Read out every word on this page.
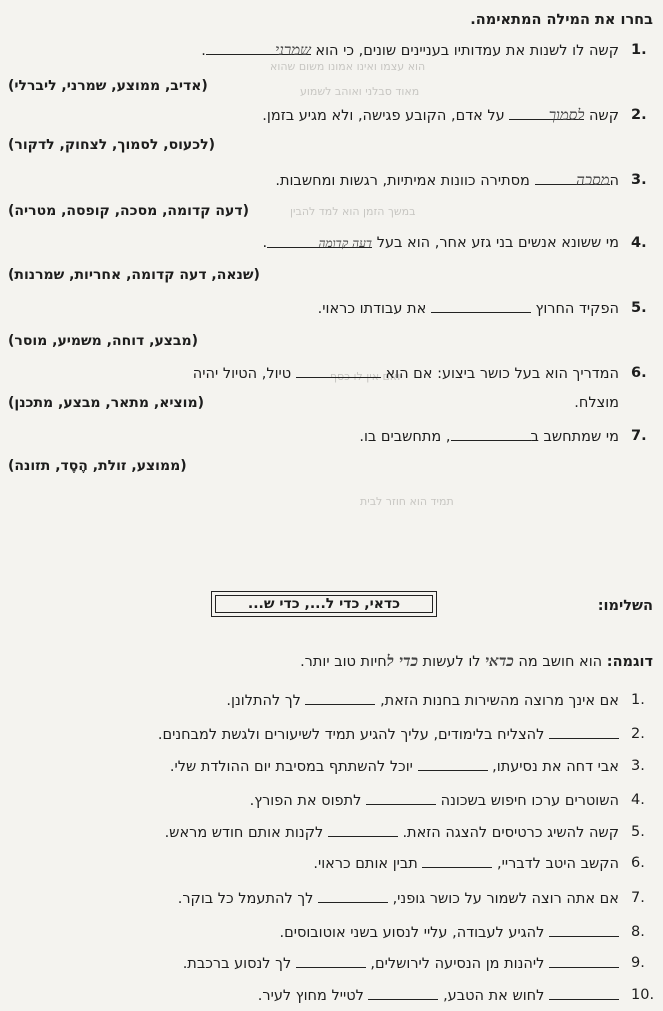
הוא עצמו ואינו אמונו משום שהוא
מאוד סבלני ואוהב לשמוע
במשך הזמן הוא למד להבין
ואם אין לו כסף
תמיד הוא חוזר לבית
בחרו את המילה המתאימה.
1.
קשה לו לשנות את עמדותיו בעניינים שונים, כי הוא שמרני.
(אדיב, ממוצע, שמרני, ליברלי)
2.
קשה לסמוך על אדם, הקובע פגישה, ולא מגיע בזמן.
(לכעוס, לסמוך, לצחוק, לדקור)
3.
המסכה מסתירה כוונות אמיתיות, רגשות ומחשבות.
(דעה קדומה, מסכה, קופסה, מטריה)
4.
מי ששונא אנשים בני גזע אחר, הוא בעל דעה קדומה.
(שנאה, דעה קדומה, אחריות, שמרנות)
5.
הפקיד החרוץ  את עבודתו כראוי.
(מבצע, דוחה, משמיע, מוסר)
6.
המדריך הוא בעל כושר ביצוע: אם הוא  טיול, הטיול יהיה
מוצלח.
(מוציא, מתאר, מבצע, מתכנן)
7.
מי שמתחשב ב, מתחשבים בו.
(ממוצע, זולת, הֶסֶד, תזונה)
השלימו:
כדאי, כדי ל..., כדי ש...
דוגמה: הוא חושב מה כדאי לו לעשות כדי לחיות טוב יותר.
1.
אם אינך מרוצה מהשירות בחנות הזאת,  לך להתלונן.
2.
להצליח בלימודים, עליך להגיע תמיד לשיעורים ולגשת למבחנים.
3.
אבי דחה את נסיעתו,  יוכל להשתתף במסיבת יום ההולדת שלי.
4.
השוטרים ערכו חיפוש בשכונה  לתפוס את הפורץ.
5.
קשה להשיג כרטיסים להצגה הזאת.  לקנות אותם חודש מראש.
6.
הקשב היטב לדבריי,  תבין אותם כראוי.
7.
אם אתה רוצה לשמור על כושר גופני,  לך להתעמל כל בוקר.
8.
להגיע לעבודה, עליי לנסוע בשני אוטובוסים.
9.
ליהנות מן הנסיעה לירושלים,  לך לנסוע ברכבת.
10.
לחוש את הטבע,  לטייל מחוץ לעיר.
